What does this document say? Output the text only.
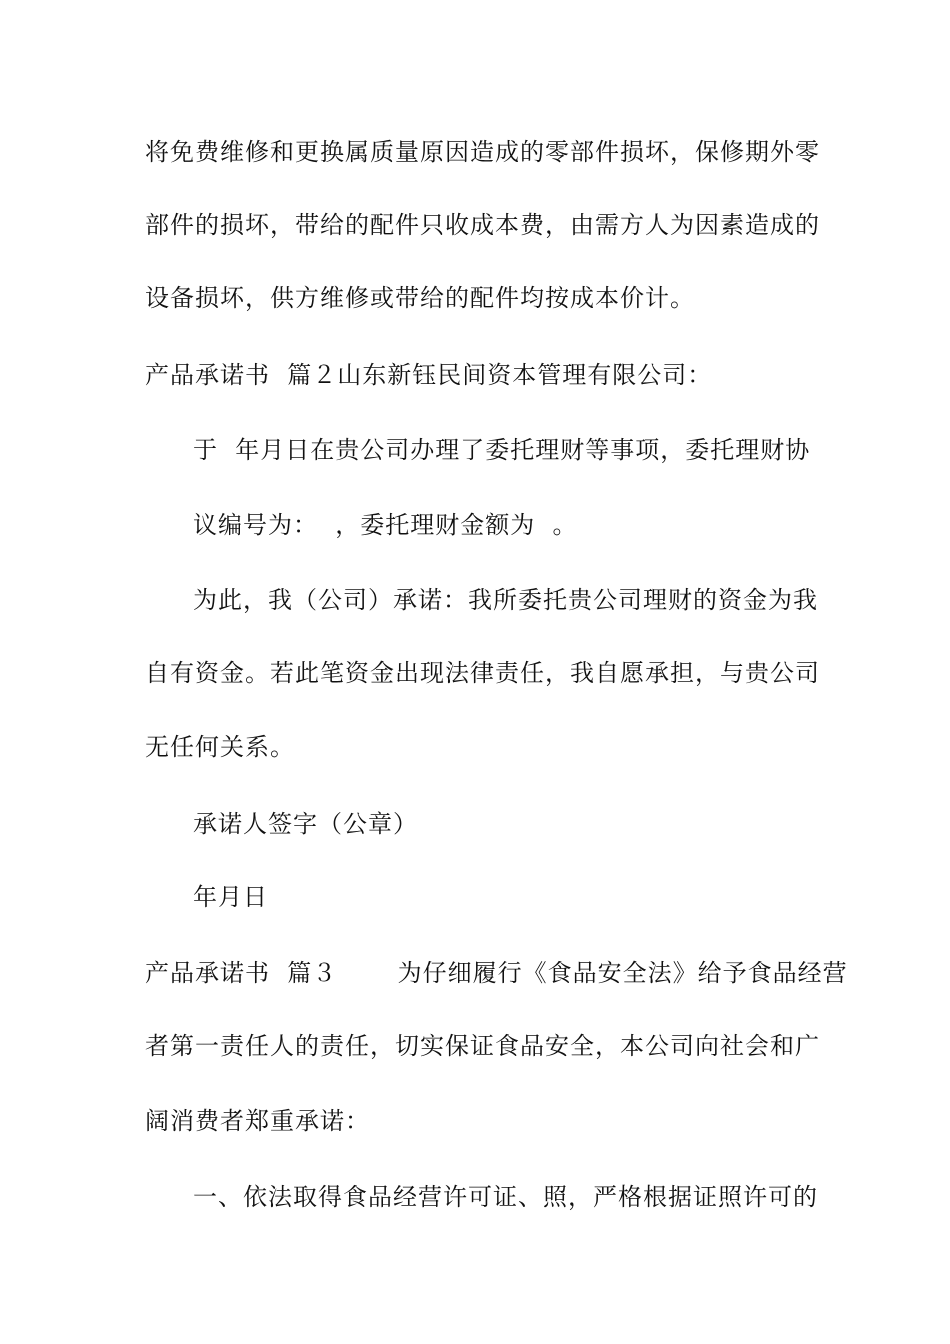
将免费维修和更换属质量原因造成的零部件损坏，保修期外零
部件的损坏，带给的配件只收成本费，由需方人为因素造成的
设备损坏，供方维修或带给的配件均按成本价计。
产品承诺书  篇２山东新钰民间资本管理有限公司：
于  年月日在贵公司办理了委托理财等事项，委托理财协
议编号为：  ，委托理财金额为  。
为此，我（公司）承诺：我所委托贵公司理财的资金为我
自有资金。若此笔资金出现法律责任，我自愿承担，与贵公司
无任何关系。
承诺人签字（公章）
年月日
产品承诺书  篇３       为仔细履行《食品安全法》给予食品经营
者第一责任人的责任，切实保证食品安全，本公司向社会和广
阔消费者郑重承诺：
一、依法取得食品经营许可证、照，严格根据证照许可的
